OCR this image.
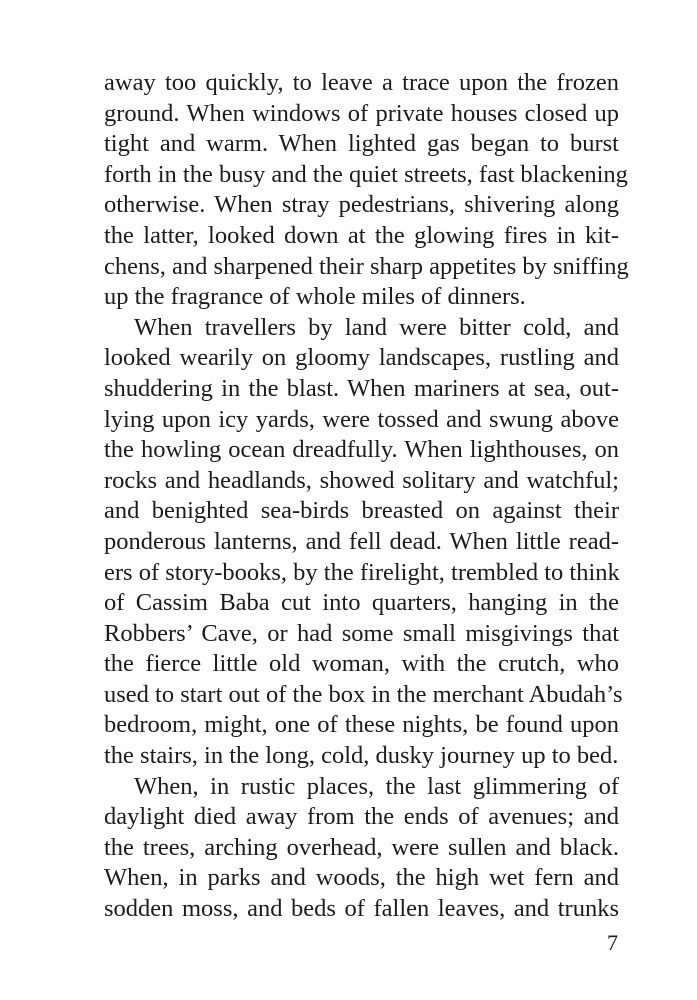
away too quickly, to leave a trace upon the frozen
ground. When windows of private houses closed up
tight and warm. When lighted gas began to burst
forth in the busy and the quiet streets, fast blackening
otherwise. When stray pedestrians, shivering along
the latter, looked down at the glowing fires in kit-
chens, and sharpened their sharp appetites by sniffing
up the fragrance of whole miles of dinners.
When travellers by land were bitter cold, and
looked wearily on gloomy landscapes, rustling and
shuddering in the blast. When mariners at sea, out-
lying upon icy yards, were tossed and swung above
the howling ocean dreadfully. When lighthouses, on
rocks and headlands, showed solitary and watchful;
and benighted sea-birds breasted on against their
ponderous lanterns, and fell dead. When little read-
ers of story-books, by the firelight, trembled to think
of Cassim Baba cut into quarters, hanging in the
Robbers’ Cave, or had some small misgivings that
the fierce little old woman, with the crutch, who
used to start out of the box in the merchant Abudah’s
bedroom, might, one of these nights, be found upon
the stairs, in the long, cold, dusky journey up to bed.
When, in rustic places, the last glimmering of
daylight died away from the ends of avenues; and
the trees, arching overhead, were sullen and black.
When, in parks and woods, the high wet fern and
sodden moss, and beds of fallen leaves, and trunks
7
